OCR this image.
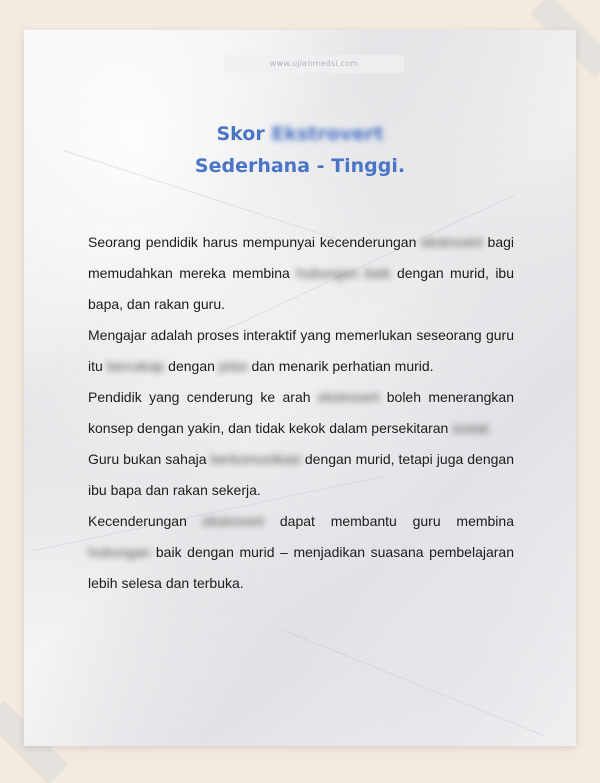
www.ujianmedsi.com
Skor Ekstrovert
Sederhana - Tinggi.

Seorang pendidik harus mempunyai kecenderungan ekstrovert bagi memudahkan mereka membina hubungan baik dengan murid, ibu bapa, dan rakan guru.

Mengajar adalah proses interaktif yang memerlukan seseorang guru itu bercakap dengan jelas dan menarik perhatian murid.

Pendidik yang cenderung ke arah ekstrovert boleh menerangkan konsep dengan yakin, dan tidak kekok dalam persekitaran sosial.

Guru bukan sahaja berkomunikasi dengan murid, tetapi juga dengan ibu bapa dan rakan sekerja.

Kecenderungan ekstrovert dapat membantu guru membina hubungan baik dengan murid – menjadikan suasana pembelajaran lebih selesa dan terbuka.
